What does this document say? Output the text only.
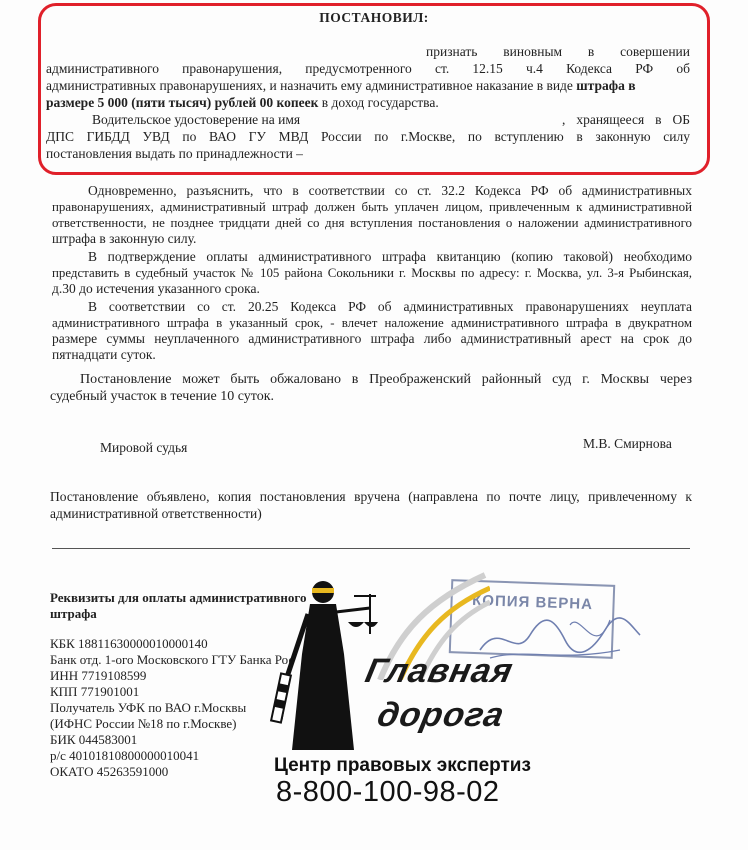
ПОСТАНОВИЛ:
признать виновным в совершении
административного правонарушения, предусмотренного ст. 12.15 ч.4 Кодекса РФ об
административных правонарушениях, и назначить ему административное наказание в виде штрафа в
размере 5 000 (пяти тысяч) рублей 00 копеек в доход государства.
Водительское удостоверение на имя	, хранящееся в ОБ
ДПС ГИБДД УВД по ВАО ГУ МВД России по г.Москве, по вступлению в законную силу
постановления выдать по принадлежности –
Одновременно, разъяснить, что в соответствии со ст. 32.2 Кодекса РФ об административных
правонарушениях, административный штраф должен быть уплачен лицом, привлеченным к административной
ответственности, не позднее тридцати дней со дня вступления постановления о наложении административного
штрафа в законную силу.
В подтверждение оплаты административного штрафа квитанцию (копию таковой) необходимо
представить в судебный участок № 105 района Сокольники г. Москвы по адресу: г. Москва, ул. 3-я Рыбинская,
д.30 до истечения указанного срока.
В соответствии со ст. 20.25 Кодекса РФ об административных правонарушениях неуплата
административного штрафа в указанный срок, - влечет наложение административного штрафа в двукратном
размере суммы неуплаченного административного штрафа либо административный арест на срок до
пятнадцати суток.
Постановление может быть обжаловано в Преображенский районный суд г. Москвы через
судебный участок в течение 10 суток.
Мировой судья	М.В. Смирнова
Постановление объявлено, копия постановления вручена (направлена по почте лицу, привлеченному к
административной ответственности)
Реквизиты для оплаты административного
штрафа
КБК 18811630000010000140
Банк отд. 1-ого Московского ГТУ Банка Рос
ИНН 7719108599
КПП 771901001
Получатель УФК по ВАО г.Москвы
(ИФНС России №18 по г.Москве)
БИК 044583001
р/с 40101810800000010041
ОКАТО 45263591000
КОПИЯ ВЕРНА
Главная
дорога
Центр правовых экспертиз
8-800-100-98-02
